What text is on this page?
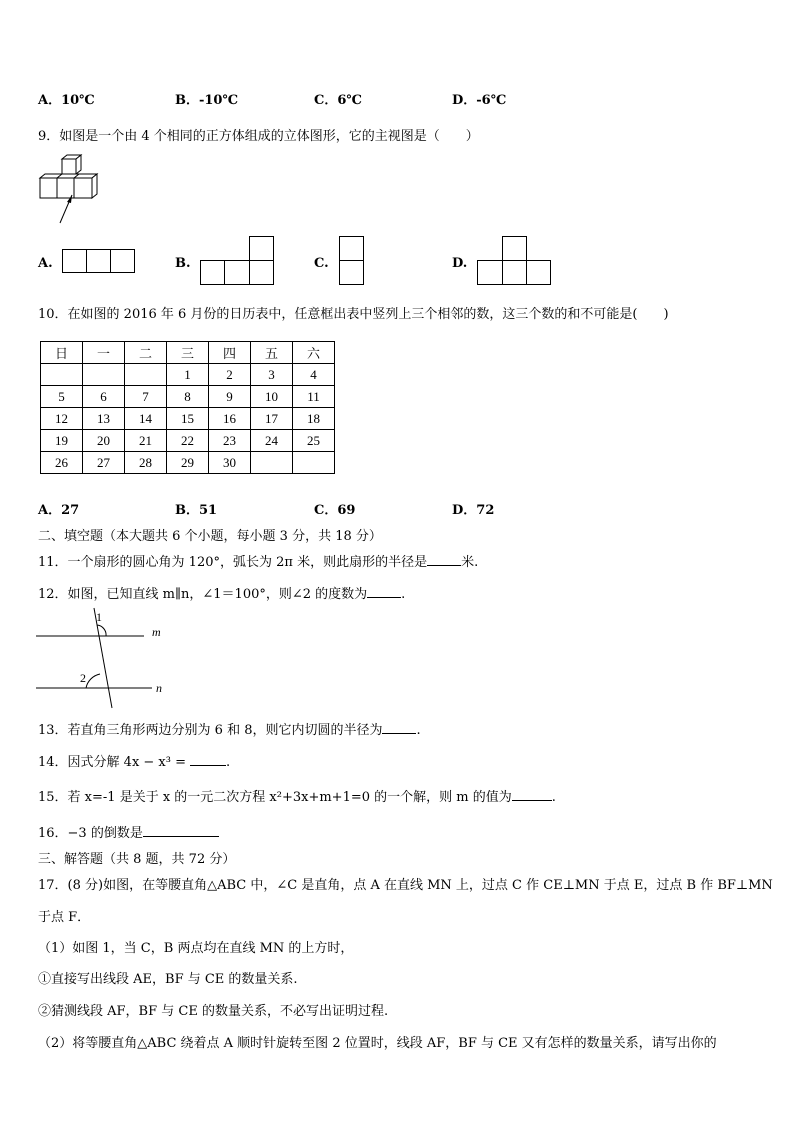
A．10℃	B．-10℃	C．6℃	D．-6℃
9．如图是一个由 4 个相同的正方体组成的立体图形，它的主视图是（　　）
A.	B.	C.	D.
10．在如图的 2016 年 6 月份的日历表中，任意框出表中竖列上三个相邻的数，这三个数的和不可能是(　　)
日	一	二	三	四	五	六
			1	2	3	4
5	6	7	8	9	10	11
12	13	14	15	16	17	18
19	20	21	22	23	24	25
26	27	28	29	30		
A．27	B．51	C．69	D．72
二、填空题（本大题共 6 个小题，每小题 3 分，共 18 分）
11．一个扇形的圆心角为 120°，弧长为 2π 米，则此扇形的半径是	米.
12．如图，已知直线 m∥n，∠1＝100°，则∠2 的度数为	.
1
2
m
n
13．若直角三角形两边分别为 6 和 8，则它内切圆的半径为	.
14．因式分解 4x − x³ =	.
15．若 x=-1 是关于 x 的一元二次方程 x²+3x+m+1=0 的一个解，则 m 的值为	.
16．−3 的倒数是
三、解答题（共 8 题，共 72 分）
17．(8 分)如图，在等腰直角△ABC 中，∠C 是直角，点 A 在直线 MN 上，过点 C 作 CE⊥MN 于点 E，过点 B 作 BF⊥MN
于点 F．
（1）如图 1，当 C，B 两点均在直线 MN 的上方时，
①直接写出线段 AE，BF 与 CE 的数量关系.
②猜测线段 AF，BF 与 CE 的数量关系，不必写出证明过程.
（2）将等腰直角△ABC 绕着点 A 顺时针旋转至图 2 位置时，线段 AF，BF 与 CE 又有怎样的数量关系，请写出你的
